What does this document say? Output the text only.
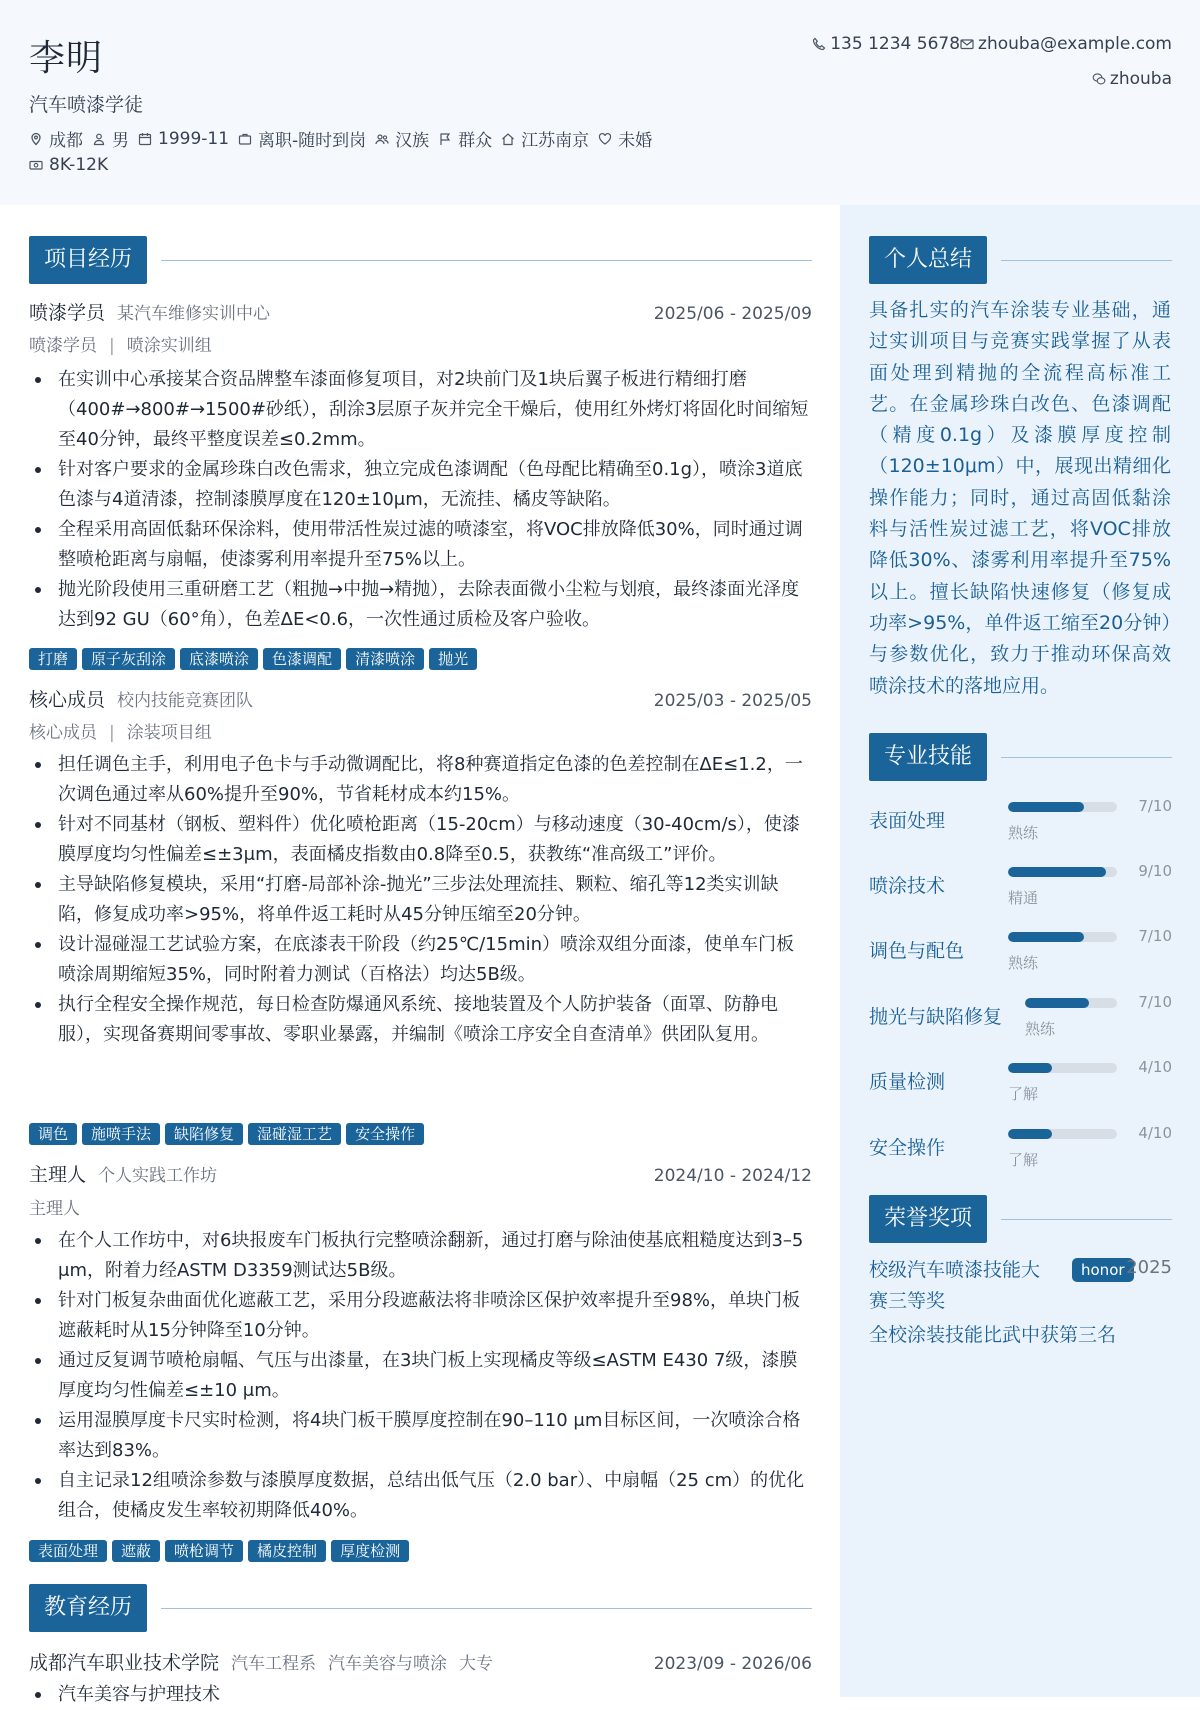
李明
汽车喷漆学徒
成都 男 1999-11 离职-随时到岗 汉族 群众 江苏南京 未婚
8K-12K
135 1234 5678 zhouba@example.com
zhouba
项目经历
喷漆学员 某汽车维修实训中心	2025/06 - 2025/09
喷漆学员 | 喷涂实训组
在实训中心承接某合资品牌整车漆面修复项目，对2块前门及1块后翼子板进行精细打磨（400#→800#→1500#砂纸），刮涂3层原子灰并完全干燥后，使用红外烤灯将固化时间缩短至40分钟，最终平整度误差≤0.2mm。
针对客户要求的金属珍珠白改色需求，独立完成色漆调配（色母配比精确至0.1g），喷涂3道底色漆与4道清漆，控制漆膜厚度在120±10μm，无流挂、橘皮等缺陷。
全程采用高固低黏环保涂料，使用带活性炭过滤的喷漆室，将VOC排放降低30%，同时通过调整喷枪距离与扇幅，使漆雾利用率提升至75%以上。
抛光阶段使用三重研磨工艺（粗抛→中抛→精抛），去除表面微小尘粒与划痕，最终漆面光泽度达到92 GU（60°角），色差ΔE<0.6，一次性通过质检及客户验收。
打磨	原子灰刮涂	底漆喷涂	色漆调配	清漆喷涂	抛光
核心成员 校内技能竞赛团队	2025/03 - 2025/05
核心成员 | 涂装项目组
担任调色主手，利用电子色卡与手动微调配比，将8种赛道指定色漆的色差控制在ΔE≤1.2，一次调色通过率从60%提升至90%，节省耗材成本约15%。
针对不同基材（钢板、塑料件）优化喷枪距离（15-20cm）与移动速度（30-40cm/s），使漆膜厚度均匀性偏差≤±3μm，表面橘皮指数由0.8降至0.5，获教练“准高级工”评价。
主导缺陷修复模块，采用“打磨-局部补涂-抛光”三步法处理流挂、颗粒、缩孔等12类实训缺陷，修复成功率>95%，将单件返工耗时从45分钟压缩至20分钟。
设计湿碰湿工艺试验方案，在底漆表干阶段（约25℃/15min）喷涂双组分面漆，使单车门板喷涂周期缩短35%，同时附着力测试（百格法）均达5B级。
执行全程安全操作规范，每日检查防爆通风系统、接地装置及个人防护装备（面罩、防静电服），实现备赛期间零事故、零职业暴露，并编制《喷涂工序安全自查清单》供团队复用。
调色	施喷手法	缺陷修复	湿碰湿工艺	安全操作
主理人 个人实践工作坊	2024/10 - 2024/12
主理人
在个人工作坊中，对6块报废车门板执行完整喷涂翻新，通过打磨与除油使基底粗糙度达到3–5 μm，附着力经ASTM D3359测试达5B级。
针对门板复杂曲面优化遮蔽工艺，采用分段遮蔽法将非喷涂区保护效率提升至98%，单块门板遮蔽耗时从15分钟降至10分钟。
通过反复调节喷枪扇幅、气压与出漆量，在3块门板上实现橘皮等级≤ASTM E430 7级，漆膜厚度均匀性偏差≤±10 μm。
运用湿膜厚度卡尺实时检测，将4块门板干膜厚度控制在90–110 μm目标区间，一次喷涂合格率达到83%。
自主记录12组喷涂参数与漆膜厚度数据，总结出低气压（2.0 bar）、中扇幅（25 cm）的优化组合，使橘皮发生率较初期降低40%。
表面处理	遮蔽	喷枪调节	橘皮控制	厚度检测
教育经历
成都汽车职业技术学院 汽车工程系 汽车美容与喷涂 大专	2023/09 - 2026/06
汽车美容与护理技术
个人总结
具备扎实的汽车涂装专业基础，通过实训项目与竞赛实践掌握了从表面处理到精抛的全流程高标准工艺。在金属珍珠白改色、色漆调配（精度0.1g）及漆膜厚度控制（120±10μm）中，展现出精细化操作能力；同时，通过高固低黏涂料与活性炭过滤工艺，将VOC排放降低30%、漆雾利用率提升至75%以上。擅长缺陷快速修复（修复成功率>95%，单件返工缩至20分钟）与参数优化，致力于推动环保高效喷涂技术的落地应用。
专业技能
表面处理
熟练
7/10
喷涂技术
精通
9/10
调色与配色
熟练
7/10
抛光与缺陷修复
熟练
7/10
质量检测
了解
4/10
安全操作
了解
4/10
荣誉奖项
校级汽车喷漆技能大赛三等奖
honor 2025
全校涂装技能比武中获第三名
